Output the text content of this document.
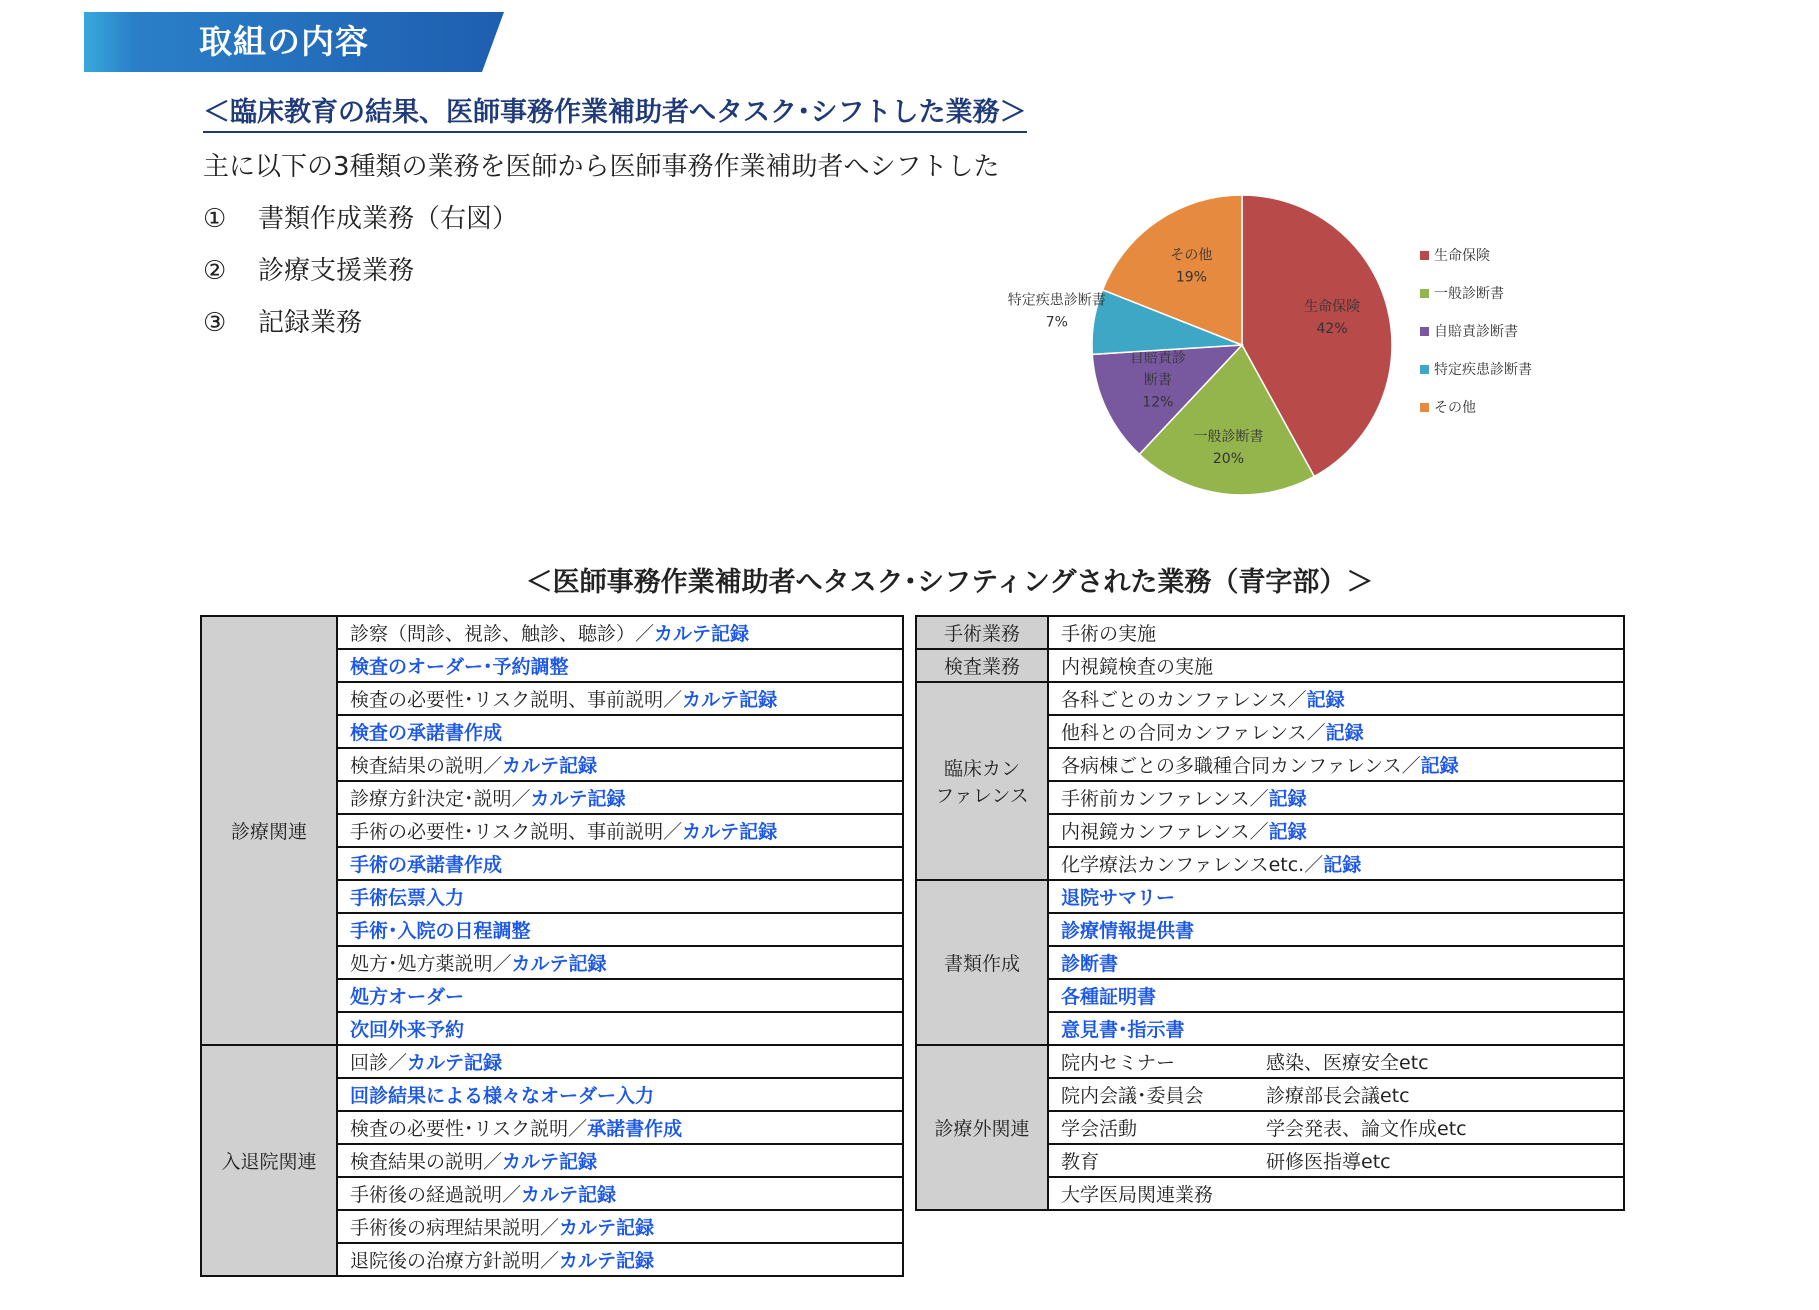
取組の内容
＜臨床教育の結果、医師事務作業補助者へタスク･シフトした業務＞
主に以下の3種類の業務を医師から医師事務作業補助者へシフトした
① 書類作成業務（右図）
② 診療支援業務
③ 記録業務
生命保険
42%
一般診断書
20%
自賠責診
断書
12%
特定疾患診断書
7%
その他
19%
生命保険
一般診断書
自賠責診断書
特定疾患診断書
その他
＜医師事務作業補助者へタスク･シフティングされた業務（青字部）＞
診療関連	診察（問診、視診、触診、聴診）／カルテ記録
	検査のオーダー･予約調整
	検査の必要性･リスク説明、事前説明／カルテ記録
	検査の承諾書作成
	検査結果の説明／カルテ記録
	診療方針決定･説明／カルテ記録
	手術の必要性･リスク説明、事前説明／カルテ記録
	手術の承諾書作成
	手術伝票入力
	手術･入院の日程調整
	処方･処方薬説明／カルテ記録
	処方オーダー
	次回外来予約
入退院関連	回診／カルテ記録
	回診結果による様々なオーダー入力
	検査の必要性･リスク説明／承諾書作成
	検査結果の説明／カルテ記録
	手術後の経過説明／カルテ記録
	手術後の病理結果説明／カルテ記録
	退院後の治療方針説明／カルテ記録
手術業務	手術の実施
検査業務	内視鏡検査の実施
臨床カン
ファレンス	各科ごとのカンファレンス／記録
	他科との合同カンファレンス／記録
	各病棟ごとの多職種合同カンファレンス／記録
	手術前カンファレンス／記録
	内視鏡カンファレンス／記録
	化学療法カンファレンスetc.／記録
書類作成	退院サマリー
	診療情報提供書
	診断書
	各種証明書
	意見書･指示書
診療外関連	院内セミナー 感染、医療安全etc
	院内会議･委員会 診療部長会議etc
	学会活動 学会発表、論文作成etc
	教育 研修医指導etc
	大学医局関連業務
